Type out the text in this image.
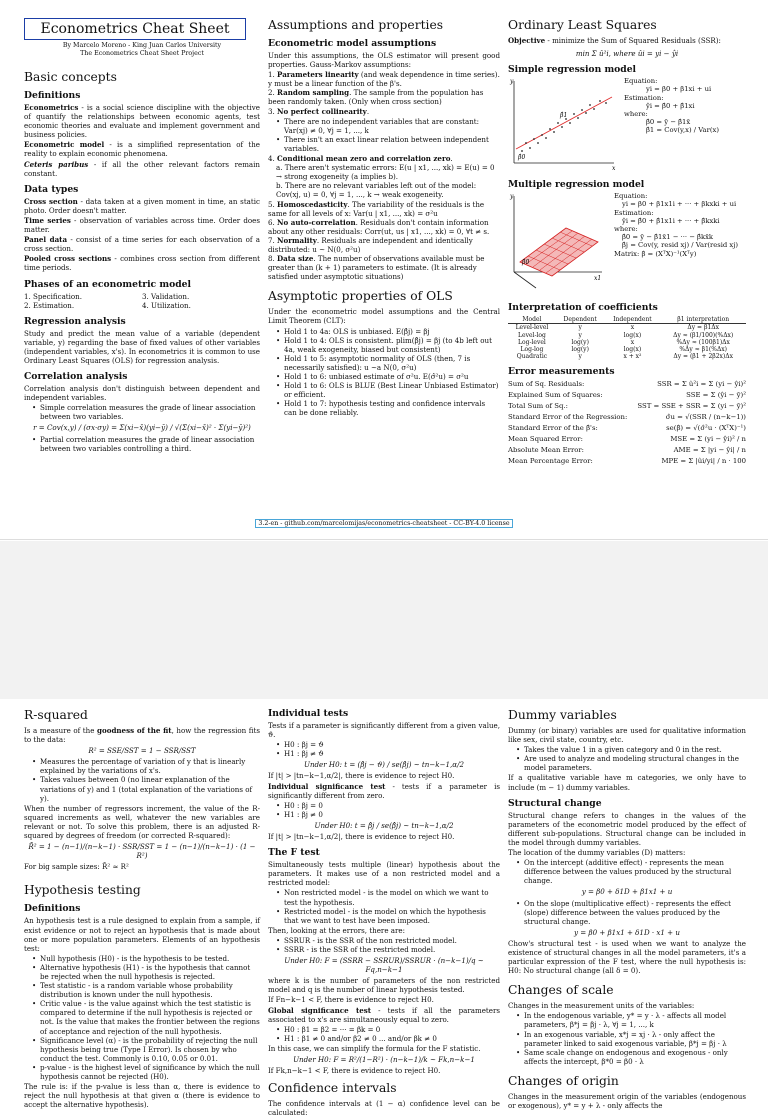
Econometrics Cheat Sheet
By Marcelo Moreno - King Juan Carlos University
The Econometrics Cheat Sheet Project
Basic concepts
Definitions

Econometrics - is a social science discipline with the objective of quantify the relationships between economic agents, test economic theories and evaluate and implement government and business policies.

Econometric model - is a simplified representation of the reality to explain economic phenomena.

Ceteris paribus - if all the other relevant factors remain constant.

Data types

Cross section - data taken at a given moment in time, an static photo. Order doesn't matter.

Time series - observation of variables across time. Order does matter.

Panel data - consist of a time series for each observation of a cross section.

Pooled cross sections - combines cross section from different time periods.

Phases of an econometric model
1. Specification.	3. Validation.
2. Estimation.	4. Utilization.
Regression analysis

Study and predict the mean value of a variable (dependent variable, y) regarding the base of fixed values of other variables (independent variables, x's). In econometrics it is common to use Ordinary Least Squares (OLS) for regression analysis.

Correlation analysis

Correlation analysis don't distinguish between dependent and independent variables.

• Simple correlation measures the grade of linear association between two variables.
r = Cov(x,y) / (σx·σy) = Σ(xi−x̄)(yi−ȳ) / √(Σ(xi−x̄)² · Σ(yi−ȳ)²)
• Partial correlation measures the grade of linear association between two variables controlling a third.
Assumptions and properties
Econometric model assumptions

Under this assumptions, the OLS estimator will present good properties. Gauss-Markov assumptions:

1. Parameters linearity (and weak dependence in time series). y must be a linear function of the β's.
2. Random sampling. The sample from the population has been randomly taken. (Only when cross section)
3. No perfect collinearity.
• There are no independent variables that are constant: Var(xj) ≠ 0, ∀j = 1, ..., k
• There isn't an exact linear relation between independent variables.
4. Conditional mean zero and correlation zero.
a. There aren't systematic errors: E(u | x1, ..., xk) = E(u) = 0 → strong exogeneity (a implies b).
b. There are no relevant variables left out of the model: Cov(xj, u) = 0, ∀j = 1, ..., k → weak exogeneity.
5. Homoscedasticity. The variability of the residuals is the same for all levels of x: Var(u | x1, ..., xk) = σ²u
6. No auto-correlation. Residuals don't contain information about any other residuals: Corr(ut, us | x1, ..., xk) = 0, ∀t ≠ s.
7. Normality. Residuals are independent and identically distributed: u ~ N(0, σ²u)
8. Data size. The number of observations available must be greater than (k + 1) parameters to estimate. (It is already satisfied under asymptotic situations)
Asymptotic properties of OLS

Under the econometric model assumptions and the Central Limit Theorem (CLT):

• Hold 1 to 4a: OLS is unbiased. E(β̂j) = βj
• Hold 1 to 4: OLS is consistent. plim(β̂j) = βj (to 4b left out 4a, weak exogeneity, biased but consistent)
• Hold 1 to 5: asymptotic normality of OLS (then, 7 is necessarily satisfied): u ~a N(0, σ²u)
• Hold 1 to 6: unbiased estimate of σ²u. E(σ̂²u) = σ²u
• Hold 1 to 6: OLS is BLUE (Best Linear Unbiased Estimator) or efficient.
• Hold 1 to 7: hypothesis testing and confidence intervals can be done reliably.
Ordinary Least Squares

Objective - minimize the Sum of Squared Residuals (SSR):

min Σ û²i, where ûi = yi − ŷi
Simple regression model
y
x
β̂0
β̂1
Equation:
yi = β0 + β1xi + ui
Estimation:
ŷi = β̂0 + β̂1xi
where:
β̂0 = ȳ − β̂1x̄
β̂1 = Cov(y,x) / Var(x)
Multiple regression model
y
x1
β̂0
Equation:
yi = β0 + β1x1i + ··· + βkxki + ui
Estimation:
ŷi = β̂0 + β̂1x1i + ··· + β̂kxki
where:
β̂0 = ȳ − β̂1x̄1 − ··· − β̂kx̄k
β̂j = Cov(y, resid xj) / Var(resid xj)
Matrix: β̂ = (XᵀX)⁻¹(Xᵀy)
Interpretation of coefficients
Model	Dependent	Independent	β1 interpretation
Level-level	y	x	Δy = β1Δx
Level-log	y	log(x)	Δy ≈ (β1/100)(%Δx)
Log-level	log(y)	x	%Δy ≈ (100β1)Δx
Log-log	log(y)	log(x)	%Δy ≈ β1(%Δx)
Quadratic	y	x + x²	Δy = (β1 + 2β2x)Δx
Error measurements
Sum of Sq. Residuals:	SSR = Σ û²i = Σ (yi − ŷi)²
Explained Sum of Squares:	SSE = Σ (ŷi − ȳ)²
Total Sum of Sq.:	SST = SSE + SSR = Σ (yi − ȳ)²
Standard Error of the Regression:	σ̂u = √(SSR / (n−k−1))
Standard Error of the β̂'s:	se(β̂) = √(σ̂²u · (XᵀX)⁻¹)
Mean Squared Error:	MSE = Σ (yi − ŷi)² / n
Absolute Mean Error:	AME = Σ |yi − ŷi| / n
Mean Percentage Error:	MPE = Σ |ûi/yi| / n · 100
3.2-en - github.com/marcelomijas/econometrics-cheatsheet - CC-BY-4.0 license
R-squared

Is a measure of the goodness of the fit, how the regression fits to the data:

R² = SSE/SST = 1 − SSR/SST
• Measures the percentage of variation of y that is linearly explained by the variations of x's.
• Takes values between 0 (no linear explanation of the variations of y) and 1 (total explanation of the variations of y).

When the number of regressors increment, the value of the R-squared increments as well, whatever the new variables are relevant or not. To solve this problem, there is an adjusted R-squared by degrees of freedom (or corrected R-squared):

R̄² = 1 − (n−1)/(n−k−1) · SSR/SST = 1 − (n−1)/(n−k−1) · (1 − R²)

For big sample sizes: R̄² ≈ R²

Hypothesis testing
Definitions

An hypothesis test is a rule designed to explain from a sample, if exist evidence or not to reject an hypothesis that is made about one or more population parameters. Elements of an hypothesis test:

• Null hypothesis (H0) - is the hypothesis to be tested.
• Alternative hypothesis (H1) - is the hypothesis that cannot be rejected when the null hypothesis is rejected.
• Test statistic - is a random variable whose probability distribution is known under the null hypothesis.
• Critic value - is the value against which the test statistic is compared to determine if the null hypothesis is rejected or not. Is the value that makes the frontier between the regions of acceptance and rejection of the null hypothesis.
• Significance level (α) - is the probability of rejecting the null hypothesis being true (Type I Error). Is chosen by who conduct the test. Commonly is 0.10, 0.05 or 0.01.
• p-value - is the highest level of significance by which the null hypothesis cannot be rejected (H0).

The rule is: if the p-value is less than α, there is evidence to reject the null hypothesis at that given α (there is evidence to accept the alternative hypothesis).

Individual tests

Tests if a parameter is significantly different from a given value, ϑ.

• H0 : βj = ϑ
• H1 : βj ≠ ϑ
Under H0: t = (β̂j − ϑ) / se(β̂j) ~ tn−k−1,α/2

If |t| > |tn−k−1,α/2|, there is evidence to reject H0.

Individual significance test - tests if a parameter is significantly different from zero.

• H0 : βj = 0
• H1 : βj ≠ 0
Under H0: t = β̂j / se(β̂j) ~ tn−k−1,α/2

If |t| > |tn−k−1,α/2|, there is evidence to reject H0.

The F test

Simultaneously tests multiple (linear) hypothesis about the parameters. It makes use of a non restricted model and a restricted model:

• Non restricted model - is the model on which we want to test the hypothesis.
• Restricted model - is the model on which the hypothesis that we want to test have been imposed.

Then, looking at the errors, there are:

• SSRUR - is the SSR of the non restricted model.
• SSRR - is the SSR of the restricted model.
Under H0: F = (SSRR − SSRUR)/SSRUR · (n−k−1)/q ~ Fq,n−k−1

where k is the number of parameters of the non restricted model and q is the number of linear hypothesis tested.

If Fn−k−1 < F, there is evidence to reject H0.

Global significance test - tests if all the parameters associated to x's are simultaneously equal to zero.

• H0 : β1 = β2 = ··· = βk = 0
• H1 : β1 ≠ 0 and/or β2 ≠ 0 ... and/or βk ≠ 0

In this case, we can simplify the formula for the F statistic.

Under H0: F = R²/(1−R²) · (n−k−1)/k ~ Fk,n−k−1

If Fk,n−k−1 < F, there is evidence to reject H0.

Confidence intervals

The confidence intervals at (1 − α) confidence level can be calculated:

Dummy variables

Dummy (or binary) variables are used for qualitative information like sex, civil state, country, etc.

• Takes the value 1 in a given category and 0 in the rest.
• Are used to analyze and modeling structural changes in the model parameters.

If a qualitative variable have m categories, we only have to include (m − 1) dummy variables.

Structural change

Structural change refers to changes in the values of the parameters of the econometric model produced by the effect of different sub-populations. Structural change can be included in the model through dummy variables.

The location of the dummy variables (D) matters:

• On the intercept (additive effect) - represents the mean difference between the values produced by the structural change.
y = β0 + δ1D + β1x1 + u
• On the slope (multiplicative effect) - represents the effect (slope) difference between the values produced by the structural change.
y = β0 + β1x1 + δ1D · x1 + u

Chow's structural test - is used when we want to analyze the existence of structural changes in all the model parameters, it's a particular expression of the F test, where the null hypothesis is: H0: No structural change (all δ = 0).

Changes of scale

Changes in the measurement units of the variables:

• In the endogenous variable, y* = y · λ - affects all model parameters, β*j = βj · λ, ∀j = 1, ..., k
• In an exogenous variable, x*j = xj · λ - only affect the parameter linked to said exogenous variable, β*j = βj · λ
• Same scale change on endogenous and exogenous - only affects the intercept, β*0 = β0 · λ
Changes of origin

Changes in the measurement origin of the variables (endogenous or exogenous), y* = y + λ - only affects the
